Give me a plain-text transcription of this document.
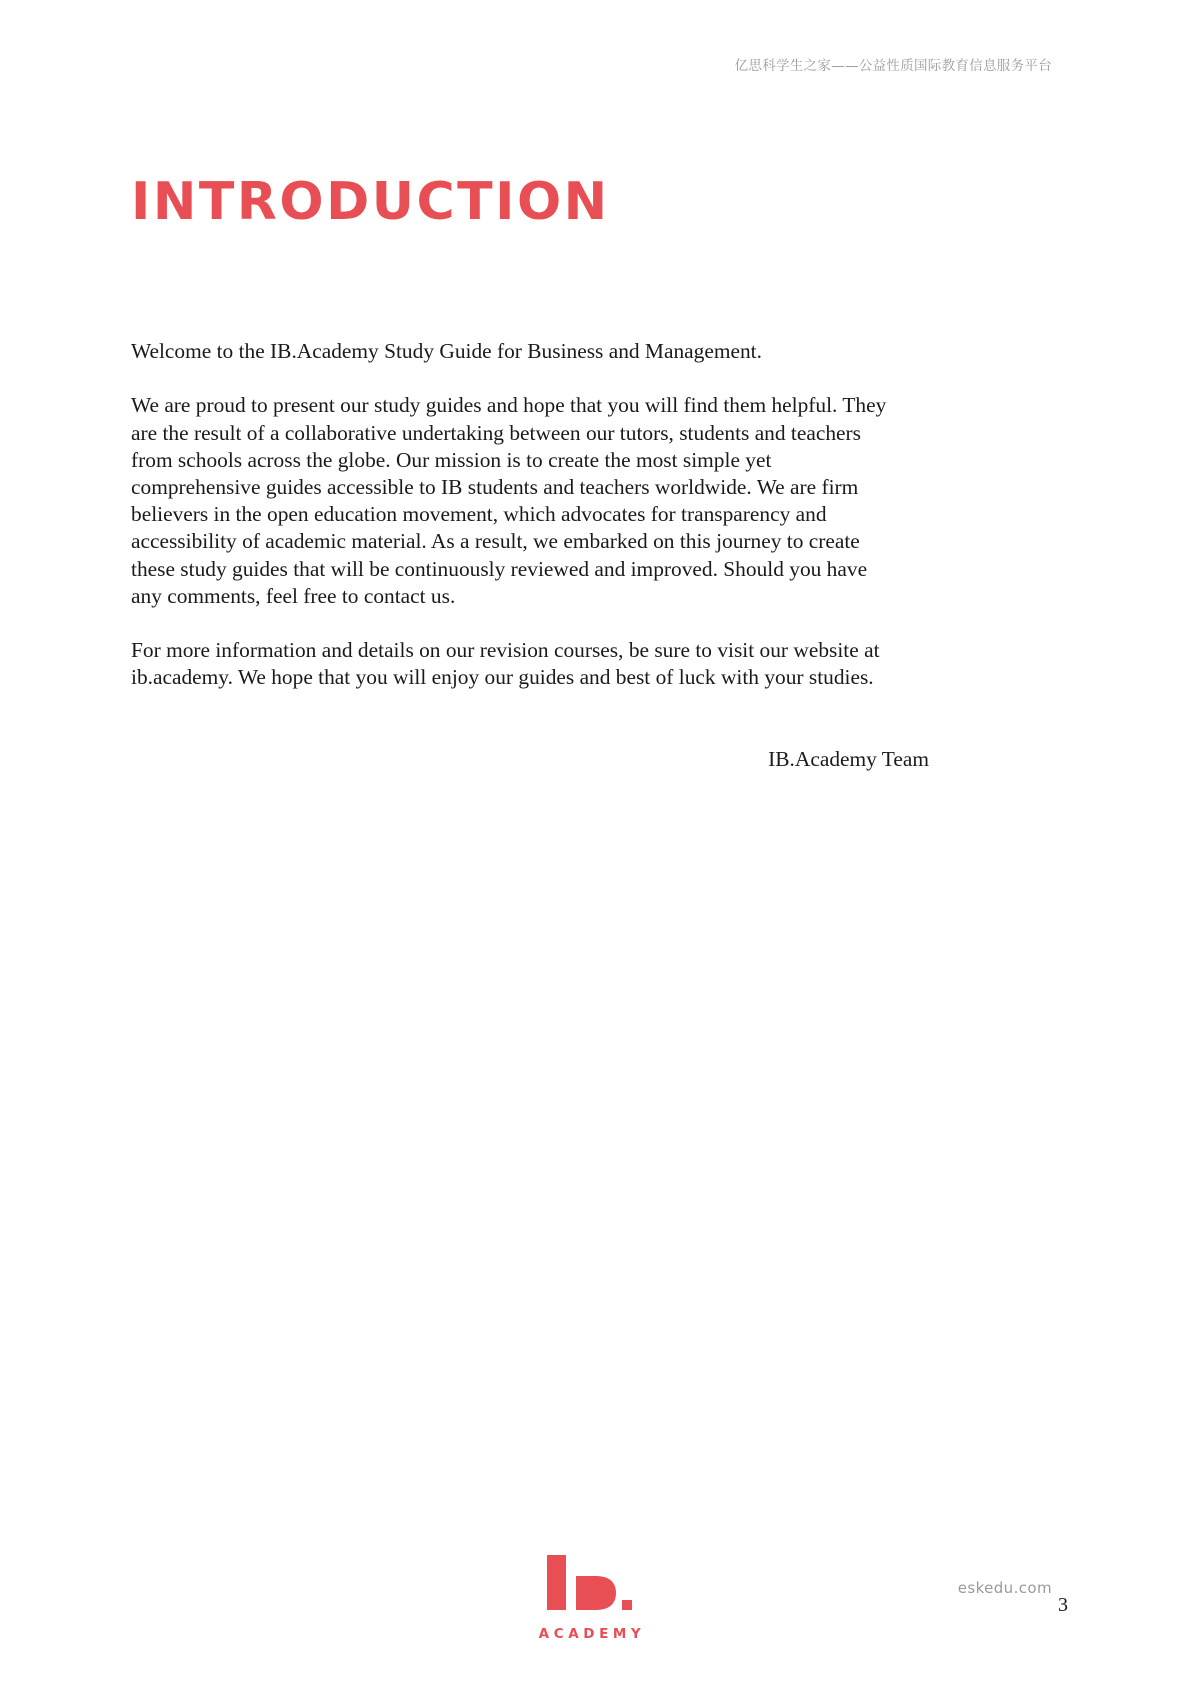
亿思科学生之家——公益性质国际教育信息服务平台
INTRODUCTION

Welcome to the IB.Academy Study Guide for Business and Management.

We are proud to present our study guides and hope that you will find them helpful. They

are the result of a collaborative undertaking between our tutors, students and teachers

from schools across the globe. Our mission is to create the most simple yet

comprehensive guides accessible to IB students and teachers worldwide. We are firm

believers in the open education movement, which advocates for transparency and

accessibility of academic material. As a result, we embarked on this journey to create

these study guides that will be continuously reviewed and improved. Should you have

any comments, feel free to contact us.

For more information and details on our revision courses, be sure to visit our website at

ib.academy. We hope that you will enjoy our guides and best of luck with your studies.

IB.Academy Team
ACADEMY
eskedu.com
3
